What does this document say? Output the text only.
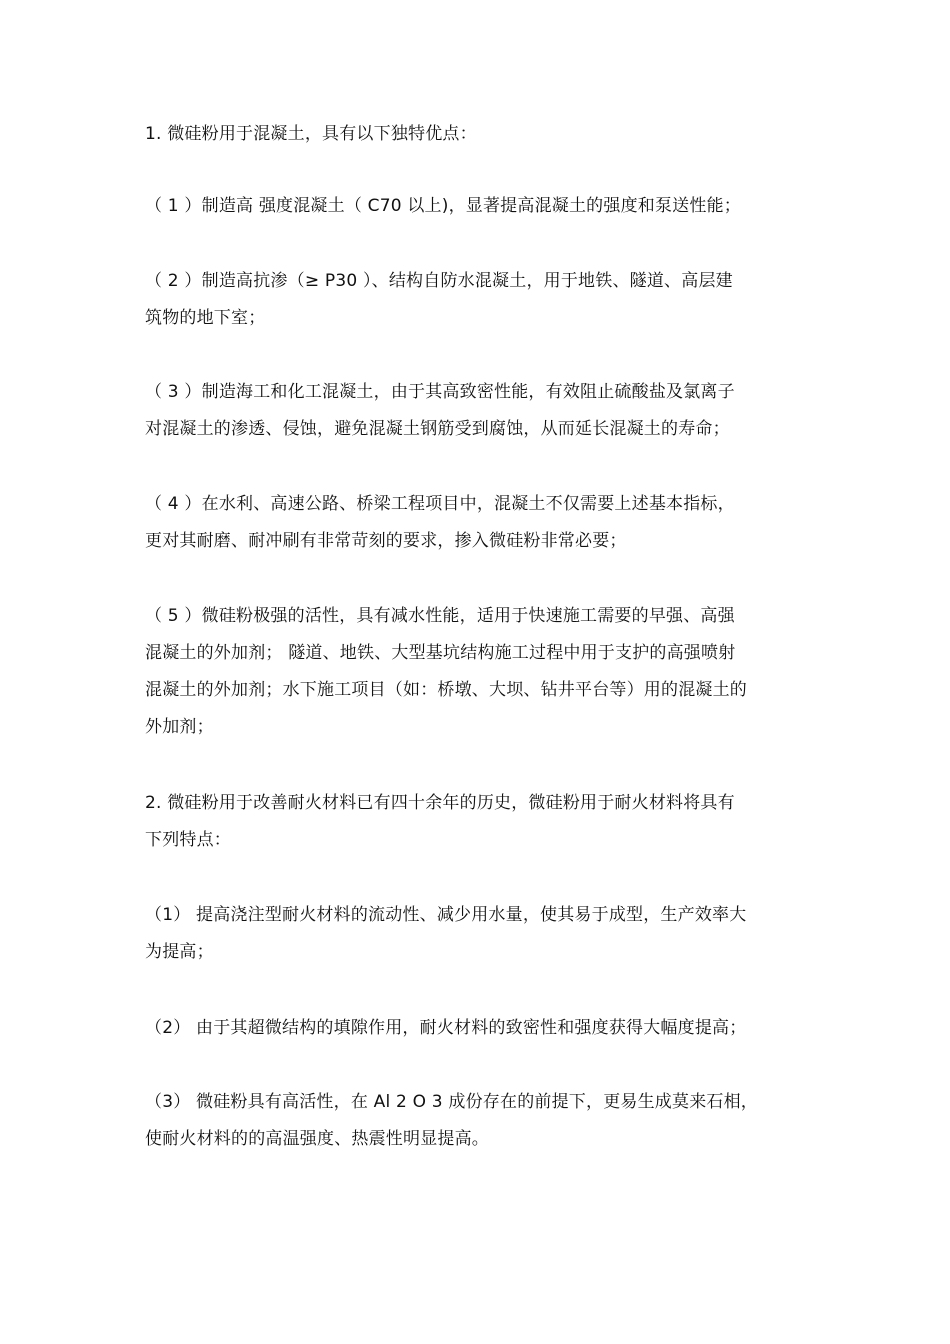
1. 微硅粉用于混凝土，具有以下独特优点：
（ 1 ）制造高 强度混凝土（ C70 以上)，显著提高混凝土的强度和泵送性能；
（ 2 ）制造高抗渗（≥ P30 ）、结构自防水混凝土，用于地铁、隧道、高层建
筑物的地下室；
（ 3 ）制造海工和化工混凝土，由于其高致密性能，有效阻止硫酸盐及氯离子
对混凝土的渗透、侵蚀，避免混凝土钢筋受到腐蚀，从而延长混凝土的寿命；
（ 4 ）在水利、高速公路、桥梁工程项目中，混凝土不仅需要上述基本指标，
更对其耐磨、耐冲刷有非常苛刻的要求，掺入微硅粉非常必要；
（ 5 ）微硅粉极强的活性，具有减水性能，适用于快速施工需要的早强、高强
混凝土的外加剂； 隧道、地铁、大型基坑结构施工过程中用于支护的高强喷射
混凝土的外加剂；水下施工项目（如：桥墩、大坝、钻井平台等）用的混凝土的
外加剂；
2. 微硅粉用于改善耐火材料已有四十余年的历史，微硅粉用于耐火材料将具有
下列特点：
（1） 提高浇注型耐火材料的流动性、减少用水量，使其易于成型，生产效率大
为提高；
（2） 由于其超微结构的填隙作用，耐火材料的致密性和强度获得大幅度提高；
（3） 微硅粉具有高活性，在 Al 2 O 3 成份存在的前提下，更易生成莫来石相，
使耐火材料的的高温强度、热震性明显提高。
